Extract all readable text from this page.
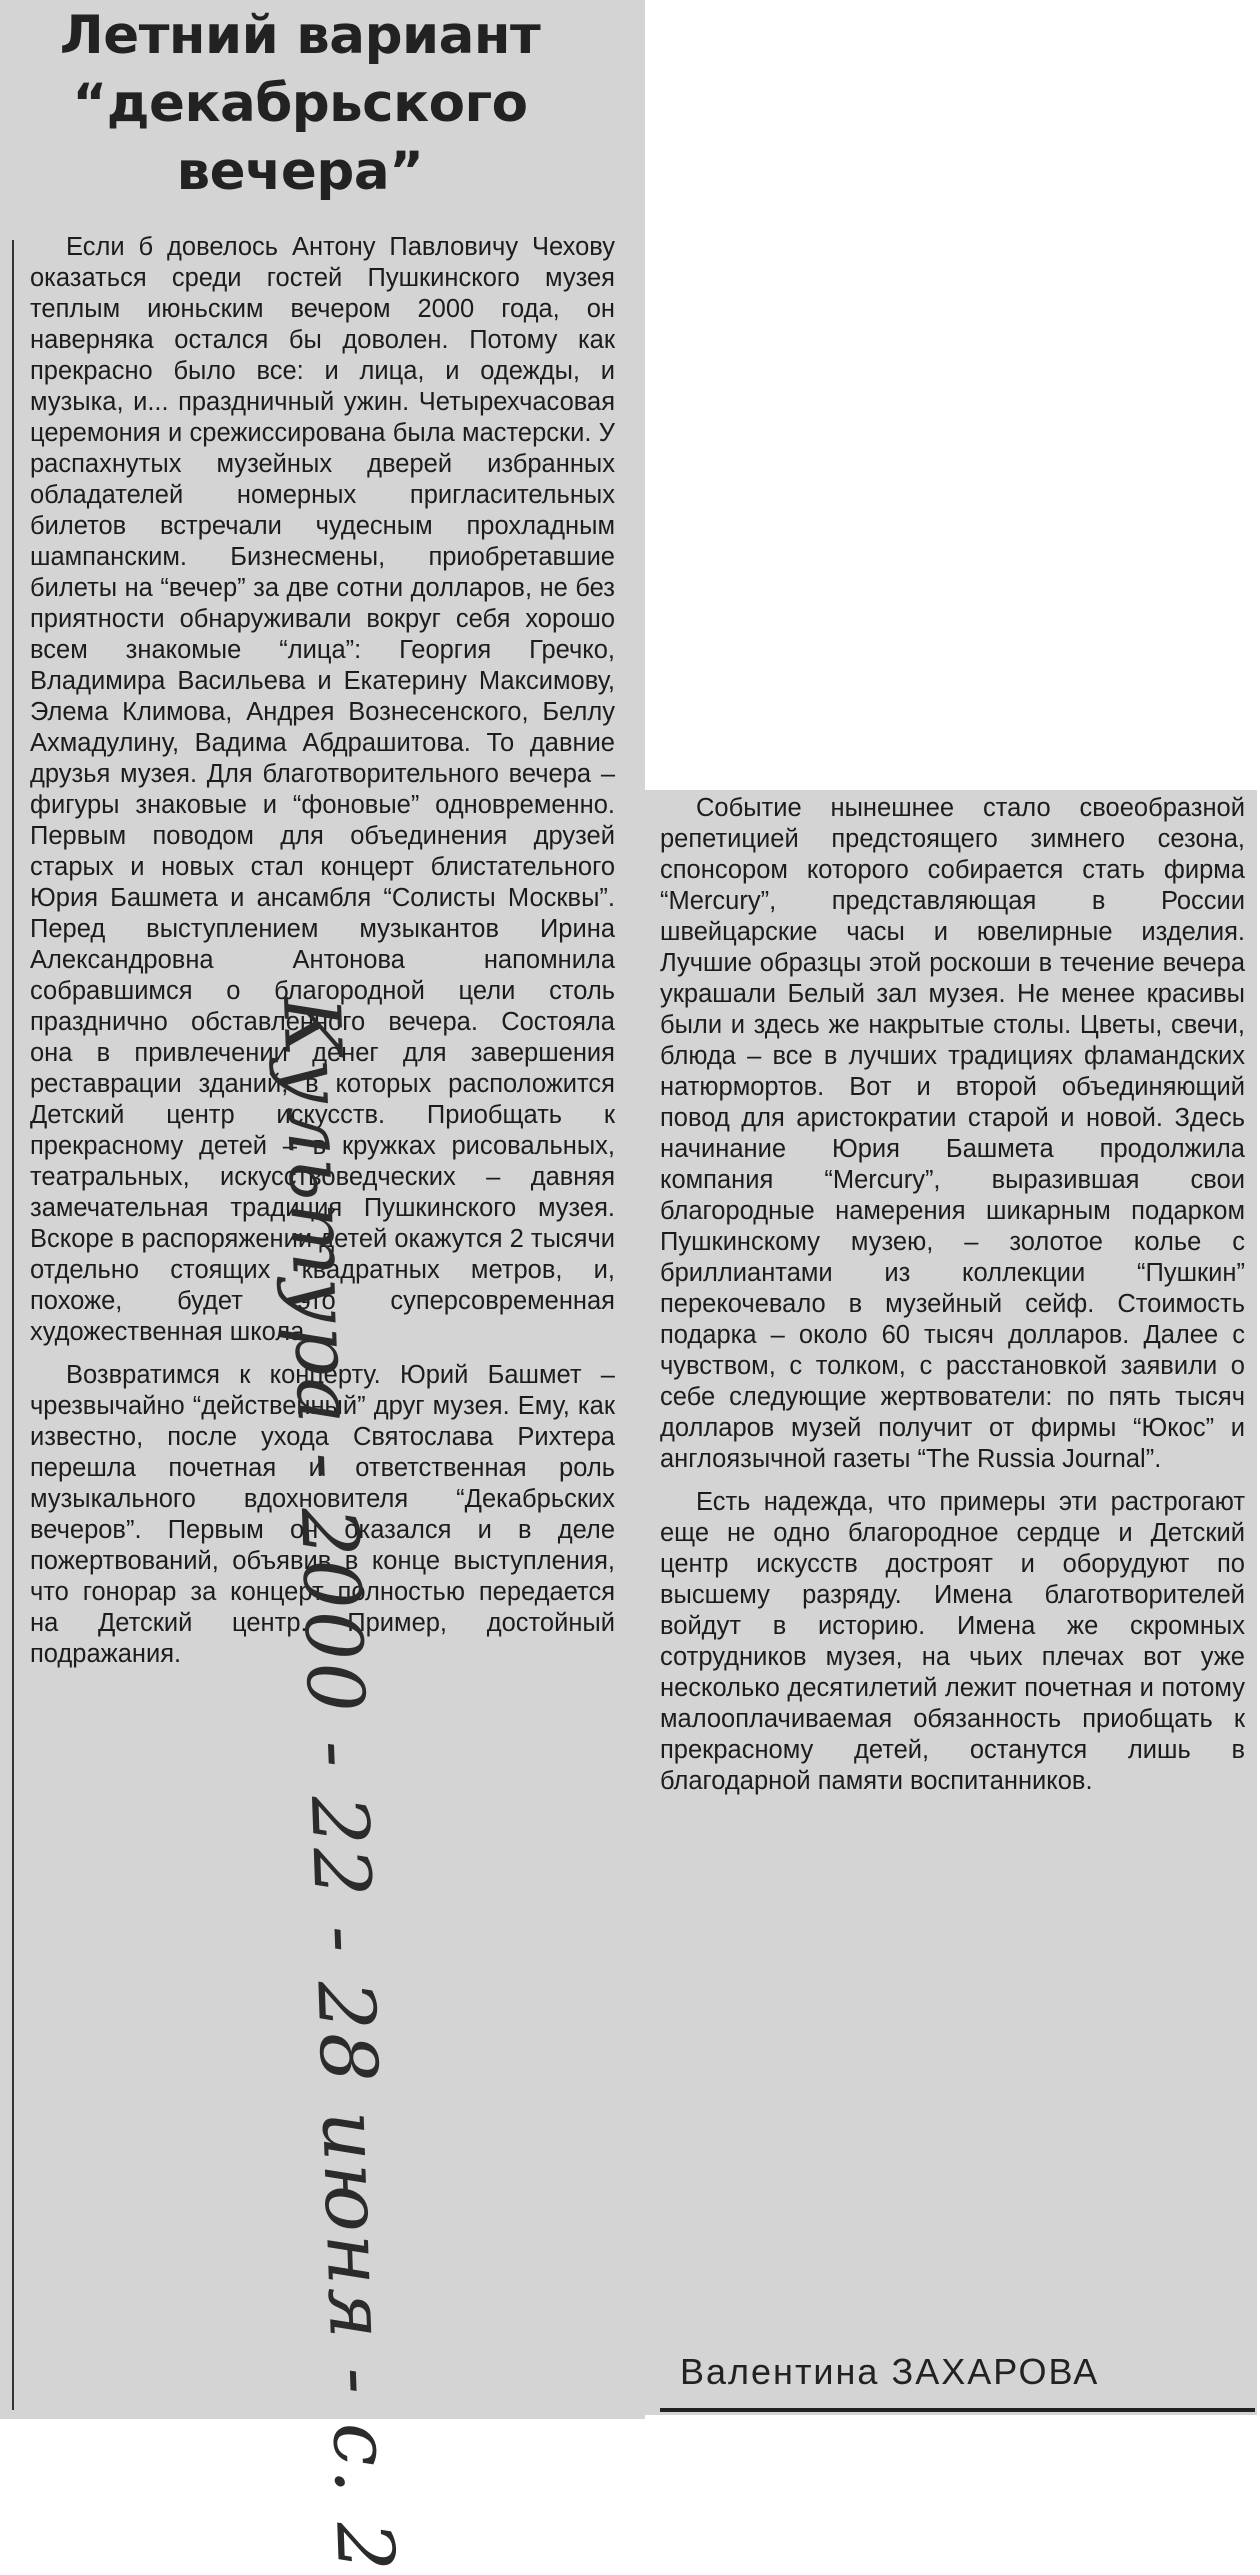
Летний вариант
“декабрьского
вечера”

Если б довелось Антону Павловичу Чехову оказаться среди гостей Пушкинского музея теплым июньским вечером 2000 года, он наверняка остался бы доволен. Потому как прекрасно было все: и лица, и одежды, и музыка, и... праздничный ужин. Четырехчасовая церемония и срежиссирована была мастерски. У распахнутых музейных дверей избранных обладателей номерных пригласительных билетов встречали чудесным прохладным шампанским. Бизнесмены, приобретавшие билеты на “вечер” за две сотни долларов, не без приятности обнаруживали вокруг себя хорошо всем знакомые “лица”: Георгия Гречко, Владимира Васильева и Екатерину Максимову, Элема Климова, Андрея Вознесенского, Беллу Ахмадулину, Вадима Абдрашитова. То давние друзья музея. Для благотворительного вечера – фигуры знаковые и “фоновые” одновременно. Первым поводом для объединения друзей старых и новых стал концерт блистательного Юрия Башмета и ансамбля “Солисты Москвы”. Перед выступлением музыкантов Ирина Александровна Антонова напомнила собравшимся о благородной цели столь празднично обставленного вечера. Состояла она в привлечении денег для завершения реставрации зданий, в которых расположится Детский центр искусств. Приобщать к прекрасному детей – в кружках рисовальных, театральных, искусствоведческих – давняя замечательная традиция Пушкинского музея. Вскоре в распоряжении детей окажутся 2 тысячи отдельно стоящих квадратных метров, и, похоже, будет это суперсовременная художественная школа.

Возвратимся к концерту. Юрий Башмет – чрезвычайно “действенный” друг музея. Ему, как известно, после ухода Святослава Рихтера перешла почетная и ответственная роль музыкального вдохновителя “Декабрьских вечеров”. Первым он оказался и в деле пожертвований, объявив в конце выступления, что гонорар за концерт полностью передается на Детский центр. Пример, достойный подражания.

Событие нынешнее стало своеобразной репетицией предстоящего зимнего сезона, спонсором которого собирается стать фирма “Mercury”, представляющая в России швейцарские часы и ювелирные изделия. Лучшие образцы этой роскоши в течение вечера украшали Белый зал музея. Не менее красивы были и здесь же накрытые столы. Цветы, свечи, блюда – все в лучших традициях фламандских натюрмортов. Вот и второй объединяющий повод для аристократии старой и новой. Здесь начинание Юрия Башмета продолжила компания “Mercury”, выразившая свои благородные намерения шикарным подарком Пушкинскому музею, – золотое колье с бриллиантами из коллекции “Пушкин” перекочевало в музейный сейф. Стоимость подарка – около 60 тысяч долларов. Далее с чувством, с толком, с расстановкой заявили о себе следующие жертвователи: по пять тысяч долларов музей получит от фирмы “Юкос” и англоязычной газеты “The Russia Journal”.

Есть надежда, что примеры эти растрогают еще не одно благородное сердце и Детский центр искусств достроят и оборудуют по высшему разряду. Имена благотворителей войдут в историю. Имена же скромных сотрудников музея, на чьих плечах вот уже несколько десятилетий лежит почетная и потому малооплачиваемая обязанность приобщать к прекрасному детей, останутся лишь в благодарной памяти воспитанников.

Валентина ЗАХАРОВА
Культура - 2000 - 22 - 28 июня - с. 2
